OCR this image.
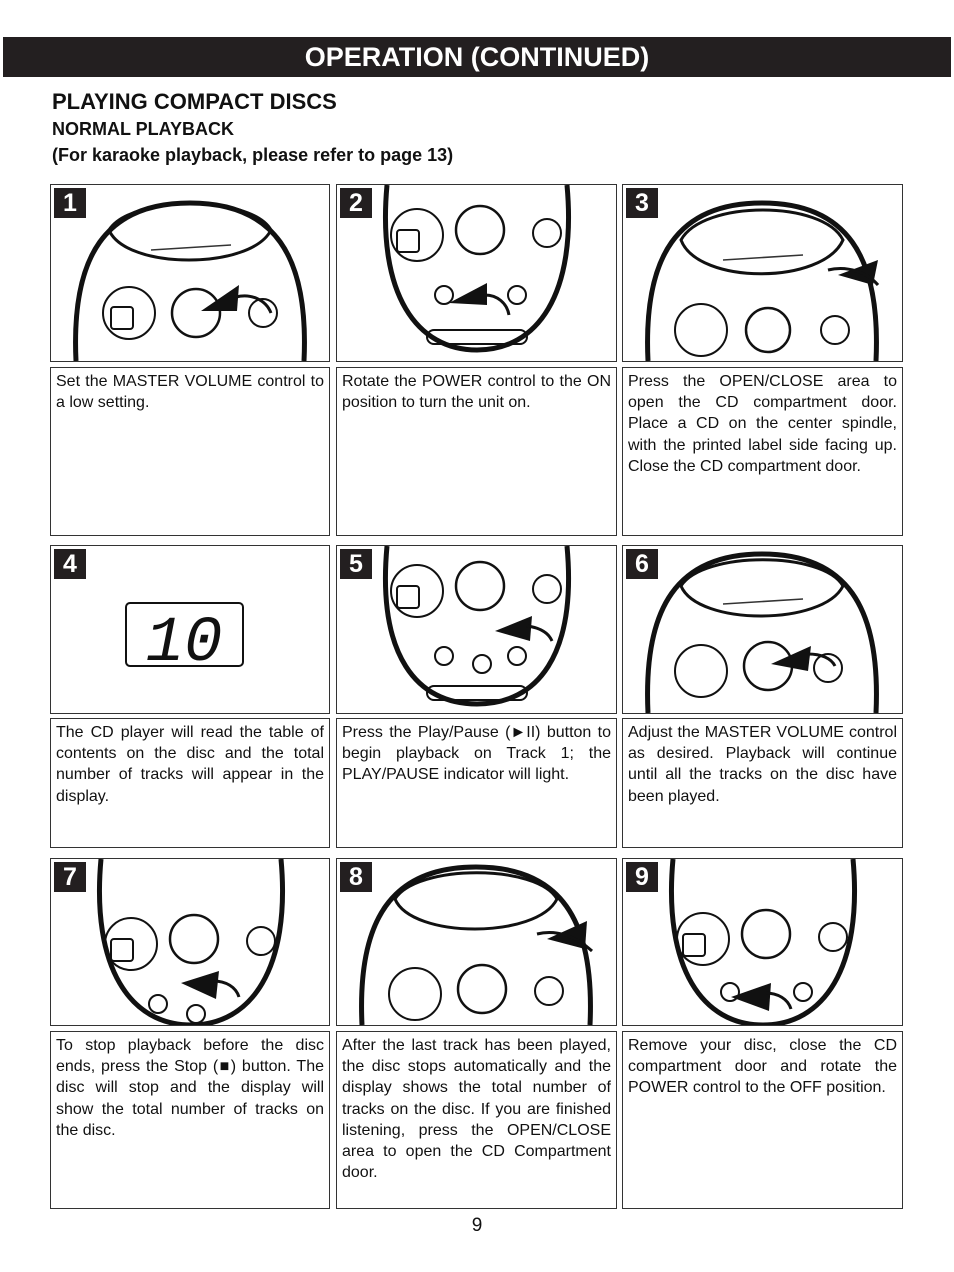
OPERATION (CONTINUED)
PLAYING COMPACT DISCS
NORMAL PLAYBACK
(For karaoke playback, please refer to page 13)
1	2	3
Set the MASTER VOLUME control to a low setting.
Rotate the POWER control to the ON position to turn the unit on.
Press the OPEN/CLOSE area to open the CD compartment door. Place a CD on the center spindle, with the printed label side facing up. Close the CD compartment door.
4
10
5	6
The CD player will read the table of contents on the disc and the total number of tracks will appear in the display.
Press the Play/Pause (►II) button to begin playback on Track 1; the PLAY/PAUSE indicator will light.
Adjust the MASTER VOLUME control as desired. Playback will continue until all the tracks on the disc have been played.
7	8	9
To stop playback before the disc ends, press the Stop (■) button. The disc will stop and the display will show the total number of tracks on the disc.
After the last track has been played, the disc stops automatically and the display shows the total number of tracks on the disc. If you are finished listening, press the OPEN/CLOSE area to open the CD Compartment door.
Remove your disc, close the CD compartment door and rotate the POWER control to the OFF position.
9
